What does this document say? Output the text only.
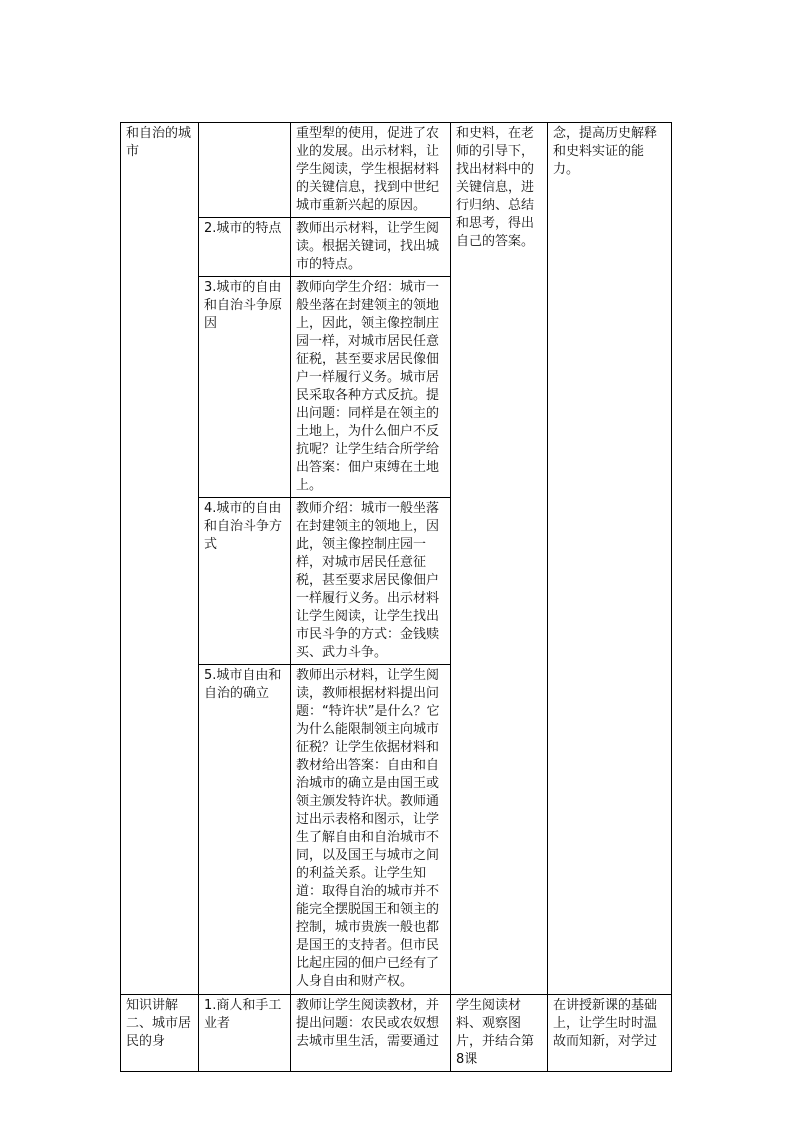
和自治的城市		重型犁的使用，促进了农业的发展。出示材料，让学生阅读，学生根据材料的关键信息，找到中世纪城市重新兴起的原因。	和史料，在老师的引导下，找出材料中的关键信息，进行归纳、总结和思考，得出自己的答案。	念，提高历史解释和史料实证的能力。
	2.城市的特点	教师出示材料，让学生阅读。根据关键词，找出城市的特点。		
	3.城市的自由和自治斗争原因	教师向学生介绍：城市一般坐落在封建领主的领地上，因此，领主像控制庄园一样，对城市居民任意征税，甚至要求居民像佃户一样履行义务。城市居民采取各种方式反抗。提出问题：同样是在领主的土地上，为什么佃户不反抗呢？让学生结合所学给出答案：佃户束缚在土地上。		
	4.城市的自由和自治斗争方式	教师介绍：城市一般坐落在封建领主的领地上，因此，领主像控制庄园一样，对城市居民任意征税，甚至要求居民像佃户一样履行义务。出示材料让学生阅读，让学生找出市民斗争的方式：金钱赎买、武力斗争。		
	5.城市自由和自治的确立	教师出示材料，让学生阅读，教师根据材料提出问题：“特许状”是什么？它为什么能限制领主向城市征税？让学生依据材料和教材给出答案：自由和自治城市的确立是由国王或领主颁发特许状。教师通过出示表格和图示，让学生了解自由和自治城市不同，以及国王与城市之间的利益关系。让学生知道：取得自治的城市并不能完全摆脱国王和领主的控制，城市贵族一般也都是国王的支持者。但市民比起庄园的佃户已经有了人身自由和财产权。		
知识讲解二、城市居民的身	1.商人和手工业者	教师让学生阅读教材，并提出问题：农民或农奴想去城市里生活，需要通过	学生阅读材料、观察图片，并结合第8课	在讲授新课的基础上，让学生时时温故而知新，对学过
